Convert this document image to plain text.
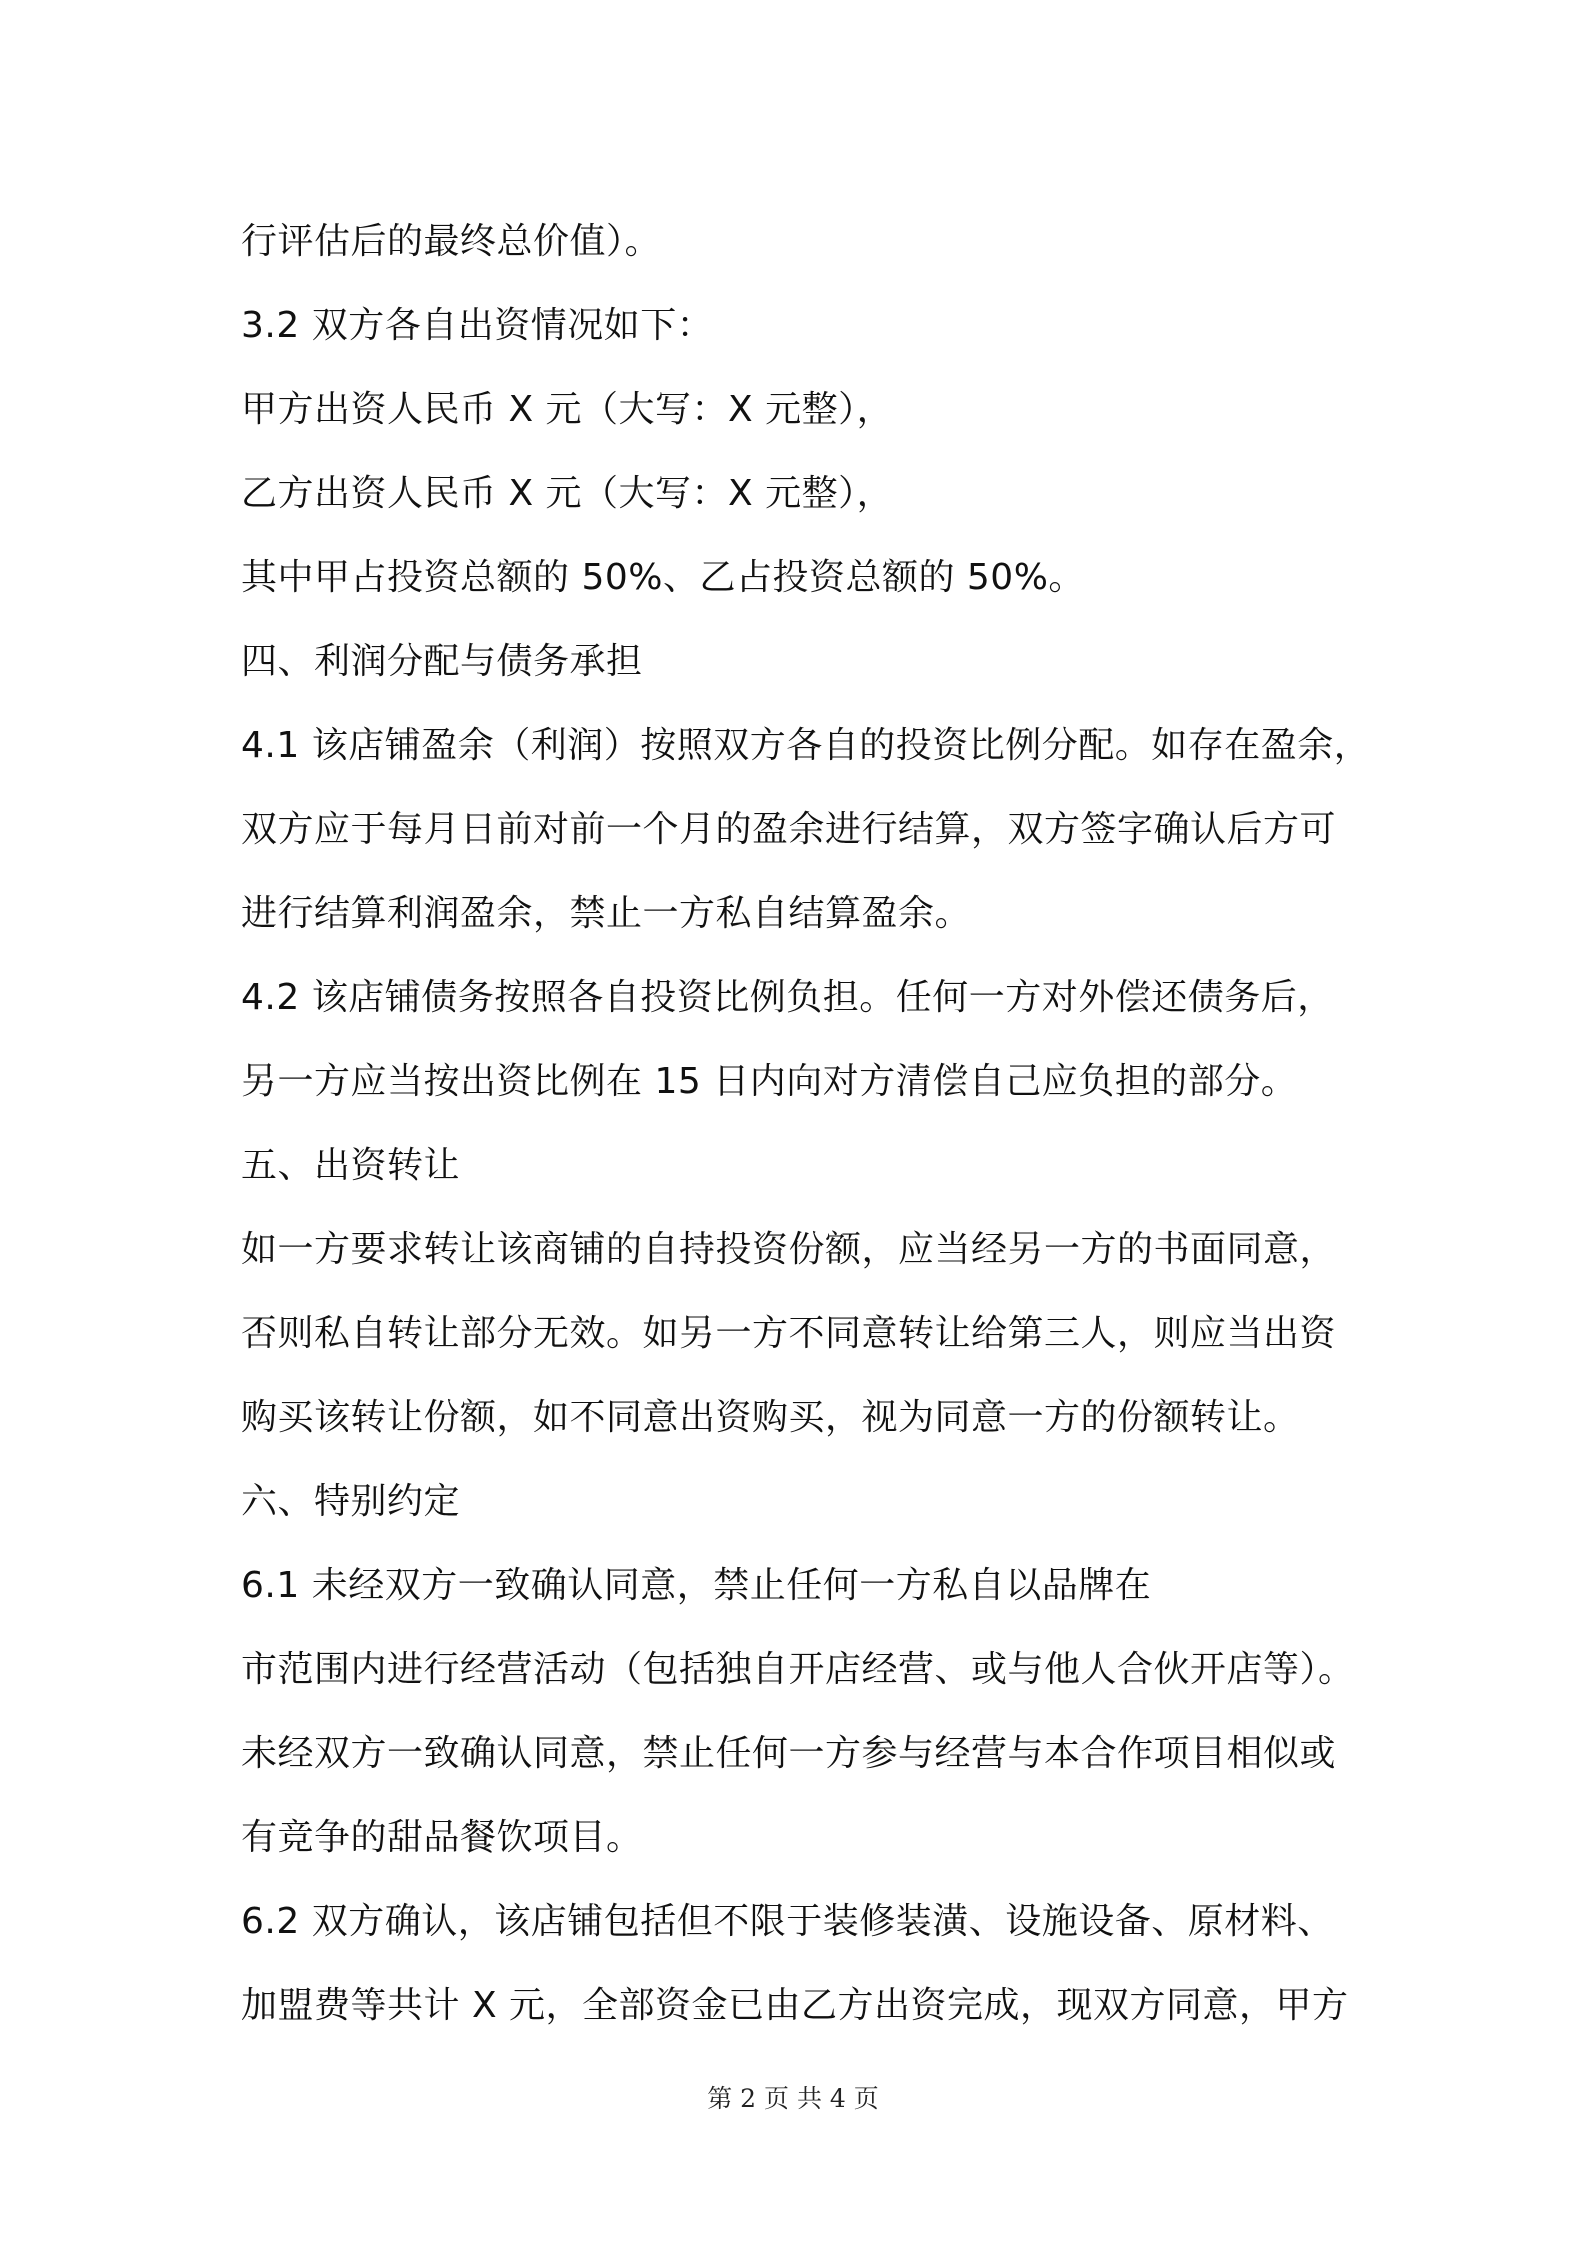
行评估后的最终总价值）。
3.2 双方各自出资情况如下：
甲方出资人民币 X 元（大写：X 元整），
乙方出资人民币 X 元（大写：X 元整），
其中甲占投资总额的 50%、乙占投资总额的 50%。
四、利润分配与债务承担
4.1 该店铺盈余（利润）按照双方各自的投资比例分配。如存在盈余，
双方应于每月日前对前一个月的盈余进行结算，双方签字确认后方可
进行结算利润盈余，禁止一方私自结算盈余。
4.2 该店铺债务按照各自投资比例负担。任何一方对外偿还债务后，
另一方应当按出资比例在 15 日内向对方清偿自己应负担的部分。
五、出资转让
如一方要求转让该商铺的自持投资份额，应当经另一方的书面同意，
否则私自转让部分无效。如另一方不同意转让给第三人，则应当出资
购买该转让份额，如不同意出资购买，视为同意一方的份额转让。
六、特别约定
6.1 未经双方一致确认同意，禁止任何一方私自以品牌在
市范围内进行经营活动（包括独自开店经营、或与他人合伙开店等）。
未经双方一致确认同意，禁止任何一方参与经营与本合作项目相似或
有竞争的甜品餐饮项目。
6.2 双方确认，该店铺包括但不限于装修装潢、设施设备、原材料、
加盟费等共计 X 元，全部资金已由乙方出资完成，现双方同意，甲方
第 2 页 共 4 页
